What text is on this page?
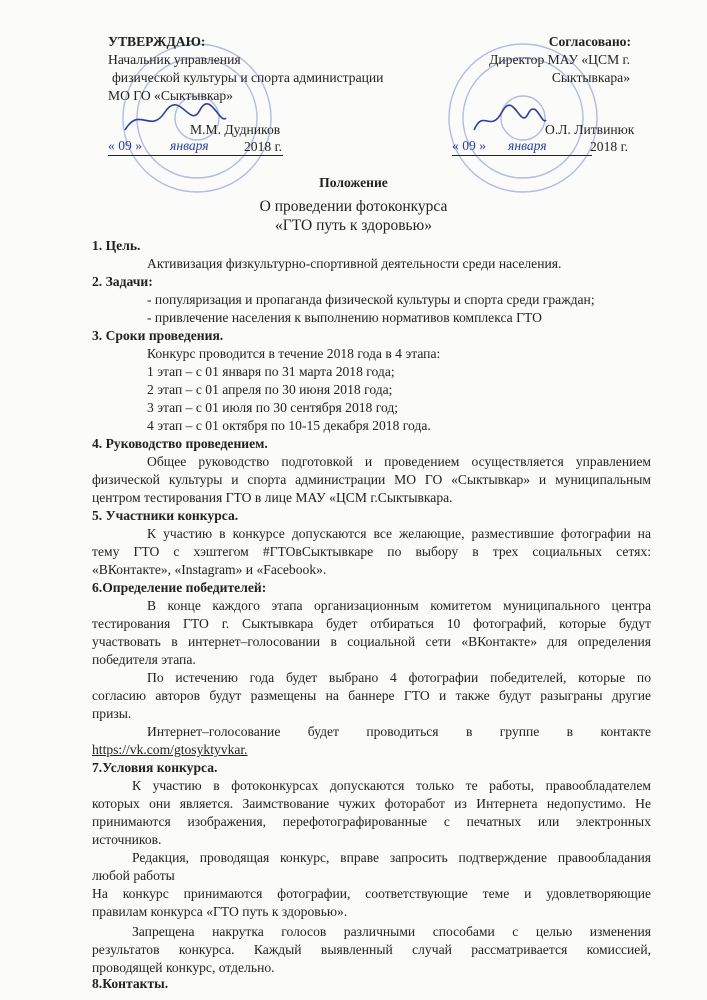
УТВЕРЖДАЮ:
Начальник управления
физической культуры и спорта администрации
МО ГО «Сыктывкар»
М.М. Дудников
« 09 » января	2018 г.
Согласовано:
Директор МАУ «ЦСМ г.
Сыктывкара»
О.Л. Литвинюк
« 09 » января	2018 г.
Положение
О проведении фотоконкурса
«ГТО путь к здоровью»
1. Цель.
Активизация физкультурно-спортивной деятельности среди населения.
2. Задачи:
- популяризация и пропаганда физической культуры и спорта среди граждан;
- привлечение населения к выполнению нормативов комплекса ГТО
3. Сроки проведения.
Конкурс проводится в течение 2018 года в 4 этапа:
1 этап – с 01 января по 31 марта 2018 года;
2 этап – с 01 апреля по 30 июня 2018 года;
3 этап – с 01 июля по 30 сентября 2018 год;
4 этап – с 01 октября по 10-15 декабря 2018 года.
4. Руководство проведением.
Общее руководство подготовкой и проведением осуществляется управлением
физической культуры и спорта администрации МО ГО «Сыктывкар» и муниципальным
центром тестирования ГТО в лице МАУ «ЦСМ г.Сыктывкара.
5. Участники конкурса.
К участию в конкурсе допускаются все желающие, разместившие фотографии на
тему ГТО с хэштегом #ГТОвСыктывкаре по выбору в трех социальных сетях:
«ВКонтакте», «Instagram» и «Facebook».
6.Определение победителей:
В конце каждого этапа организационным комитетом муниципального центра
тестирования ГТО г. Сыктывкара будет отбираться 10 фотографий, которые будут
участвовать в интернет–голосовании в социальной сети «ВКонтакте» для определения
победителя этапа.
По истечению года будет выбрано 4 фотографии победителей, которые по
согласию авторов будут размещены на баннере ГТО и также будут разыграны другие
призы.
Интернет–голосование будет проводиться в группе в контакте
https://vk.com/gtosyktyvkar.
7.Условия конкурса.
К участию в фотоконкурсах допускаются только те работы, правообладателем
которых они является. Заимствование чужих фоторабот из Интернета недопустимо. Не
принимаются изображения, перефотографированные с печатных или электронных
источников.
Редакция, проводящая конкурс, вправе запросить подтверждение правообладания
любой работы
На конкурс принимаются фотографии, соответствующие теме и удовлетворяющие
правилам конкурса «ГТО путь к здоровью».
Запрещена накрутка голосов различными способами с целью изменения
результатов конкурса. Каждый выявленный случай рассматривается комиссией,
проводящей конкурс, отдельно.
8.Контакты.
